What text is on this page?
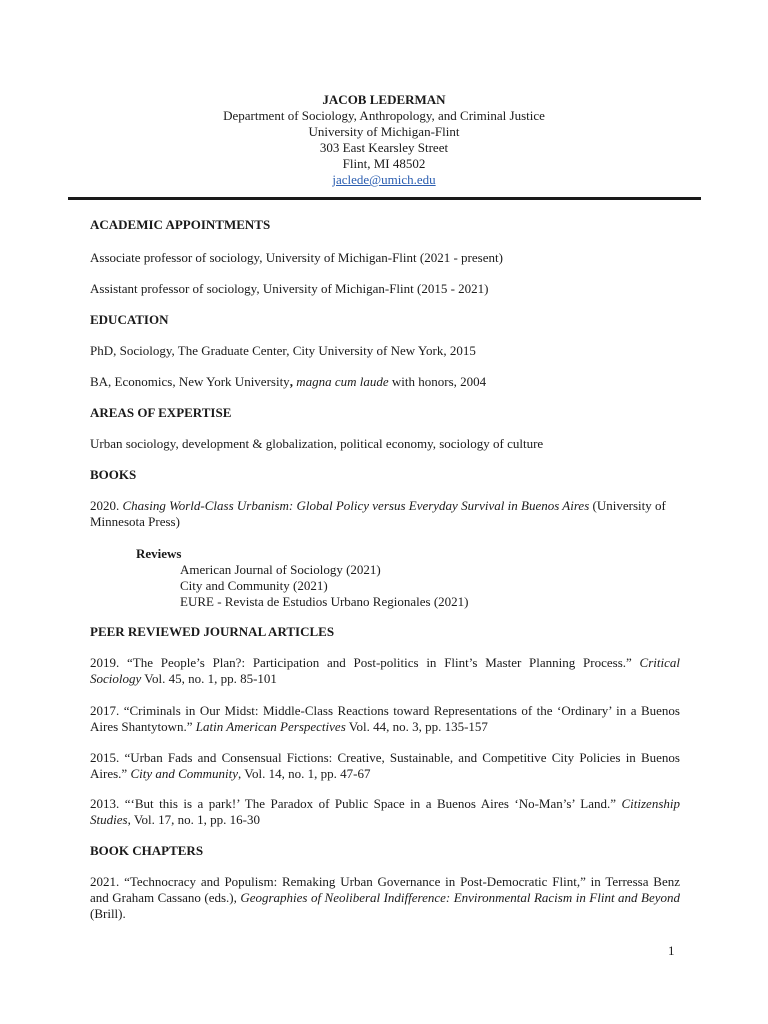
JACOB LEDERMAN
Department of Sociology, Anthropology, and Criminal Justice
University of Michigan-Flint
303 East Kearsley Street
Flint, MI 48502
jaclede@umich.edu
ACADEMIC APPOINTMENTS
Associate professor of sociology, University of Michigan-Flint (2021 - present)
Assistant professor of sociology, University of Michigan-Flint (2015 - 2021)
EDUCATION
PhD, Sociology, The Graduate Center, City University of New York, 2015
BA, Economics, New York University, magna cum laude with honors, 2004
AREAS OF EXPERTISE
Urban sociology, development & globalization, political economy, sociology of culture
BOOKS
2020. Chasing World-Class Urbanism: Global Policy versus Everyday Survival in Buenos Aires (University of Minnesota Press)
Reviews
American Journal of Sociology (2021)
City and Community (2021)
EURE - Revista de Estudios Urbano Regionales (2021)
PEER REVIEWED JOURNAL ARTICLES
2019. “The People’s Plan?: Participation and Post-politics in Flint’s Master Planning Process.” Critical Sociology Vol. 45, no. 1, pp. 85-101
2017. “Criminals in Our Midst: Middle-Class Reactions toward Representations of the ‘Ordinary’ in a Buenos Aires Shantytown.” Latin American Perspectives Vol. 44, no. 3, pp. 135-157
2015. “Urban Fads and Consensual Fictions: Creative, Sustainable, and Competitive City Policies in Buenos Aires.” City and Community, Vol. 14, no. 1, pp. 47-67
2013. “‘But this is a park!’ The Paradox of Public Space in a Buenos Aires ‘No-Man’s’ Land.” Citizenship Studies, Vol. 17, no. 1, pp. 16-30
BOOK CHAPTERS
2021. “Technocracy and Populism: Remaking Urban Governance in Post-Democratic Flint,” in Terressa Benz and Graham Cassano (eds.), Geographies of Neoliberal Indifference: Environmental Racism in Flint and Beyond (Brill).
1
